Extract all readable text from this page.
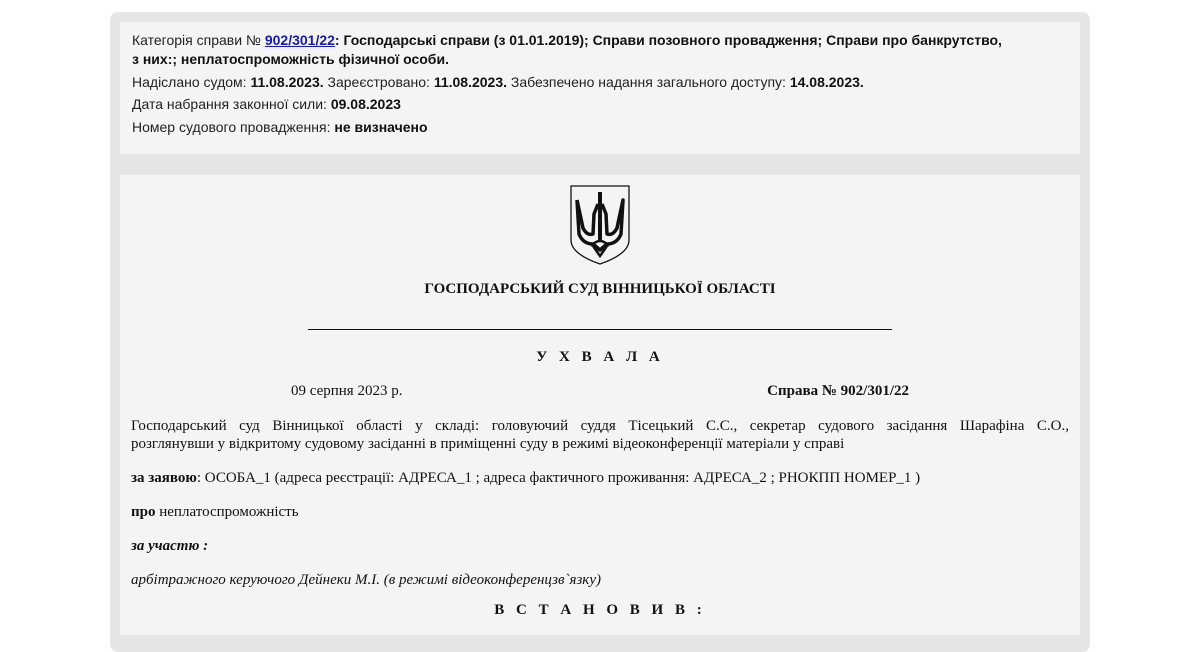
Категорія справи № 902/301/22: Господарські справи (з 01.01.2019); Справи позовного провадження; Справи про банкрутство,
з них:; неплатоспроможність фізичної особи.
Надіслано судом: 11.08.2023. Зареєстровано: 11.08.2023. Забезпечено надання загального доступу: 14.08.2023.
Дата набрання законної сили: 09.08.2023
Номер судового провадження: не визначено
ГОСПОДАРСЬКИЙ СУД ВІННИЦЬКОЇ ОБЛАСТІ
У Х В А Л А
09 серпня 2023 р.	Справа № 902/301/22
Господарський суд Вінницької області у складі: головуючий суддя Тісецький С.С., секретар судового засідання Шарафіна С.О.,
розглянувши у відкритому судовому засіданні в приміщенні суду в режимі відеоконференції матеріали у справі
за заявою: ОСОБА_1 (адреса реєстрації: АДРЕСА_1 ; адреса фактичного проживання: АДРЕСА_2 ; РНОКПП НОМЕР_1 )
про неплатоспроможність
за участю :
арбітражного керуючого Дейнеки М.І. (в режимі відеоконференцзв`язку)
В С Т А Н О В И В :
